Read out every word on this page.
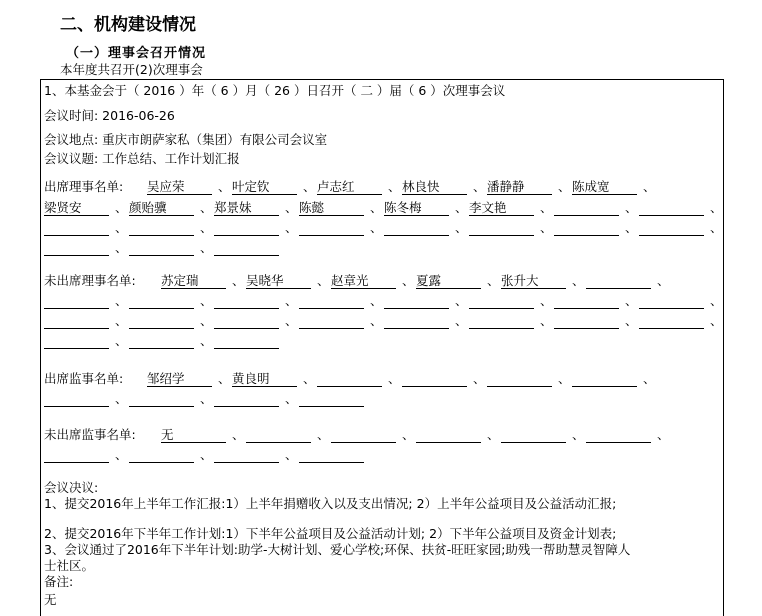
二、机构建设情况
（一）理事会召开情况
本年度共召开(2)次理事会
1、本基金会于（ 2016 ）年（ 6 ）月（ 26 ）日召开（ 二 ）届（ 6 ）次理事会议
会议时间: 2016-06-26
会议地点: 重庆市朗萨家私（集团）有限公司会议室
会议议题: 工作总结、工作计划汇报
出席理事名单: 吴应荣	、 叶定钦	、 卢志红	、 林良快	、 潘静静	、 陈成宽	、
梁贤安	、 颜贻骥	、 郑景妹	、 陈懿	、 陈冬梅	、 李文艳	、	、	、
、	、	、	、	、	、	、	、
、	、
未出席理事名单: 苏定瑞	、 吴晓华	、 赵章光	、 夏露	、 张升大	、	、
、	、	、	、	、	、	、	、
、	、	、	、	、	、	、	、
、	、
出席监事名单: 邹绍学	、 黄良明	、	、	、	、	、
、	、	、
未出席监事名单: 无	、	、	、	、	、	、
、	、	、
会议决议:
1、提交2016年上半年工作汇报:1）上半年捐赠收入以及支出情况; 2）上半年公益项目及公益活动汇报;
2、提交2016年下半年工作计划:1）下半年公益项目及公益活动计划; 2）下半年公益项目及资金计划表;
3、会议通过了2016年下半年计划:助学-大树计划、爱心学校;环保、扶贫-旺旺家园;助残一帮助慧灵智障人
士社区。
备注:
无
